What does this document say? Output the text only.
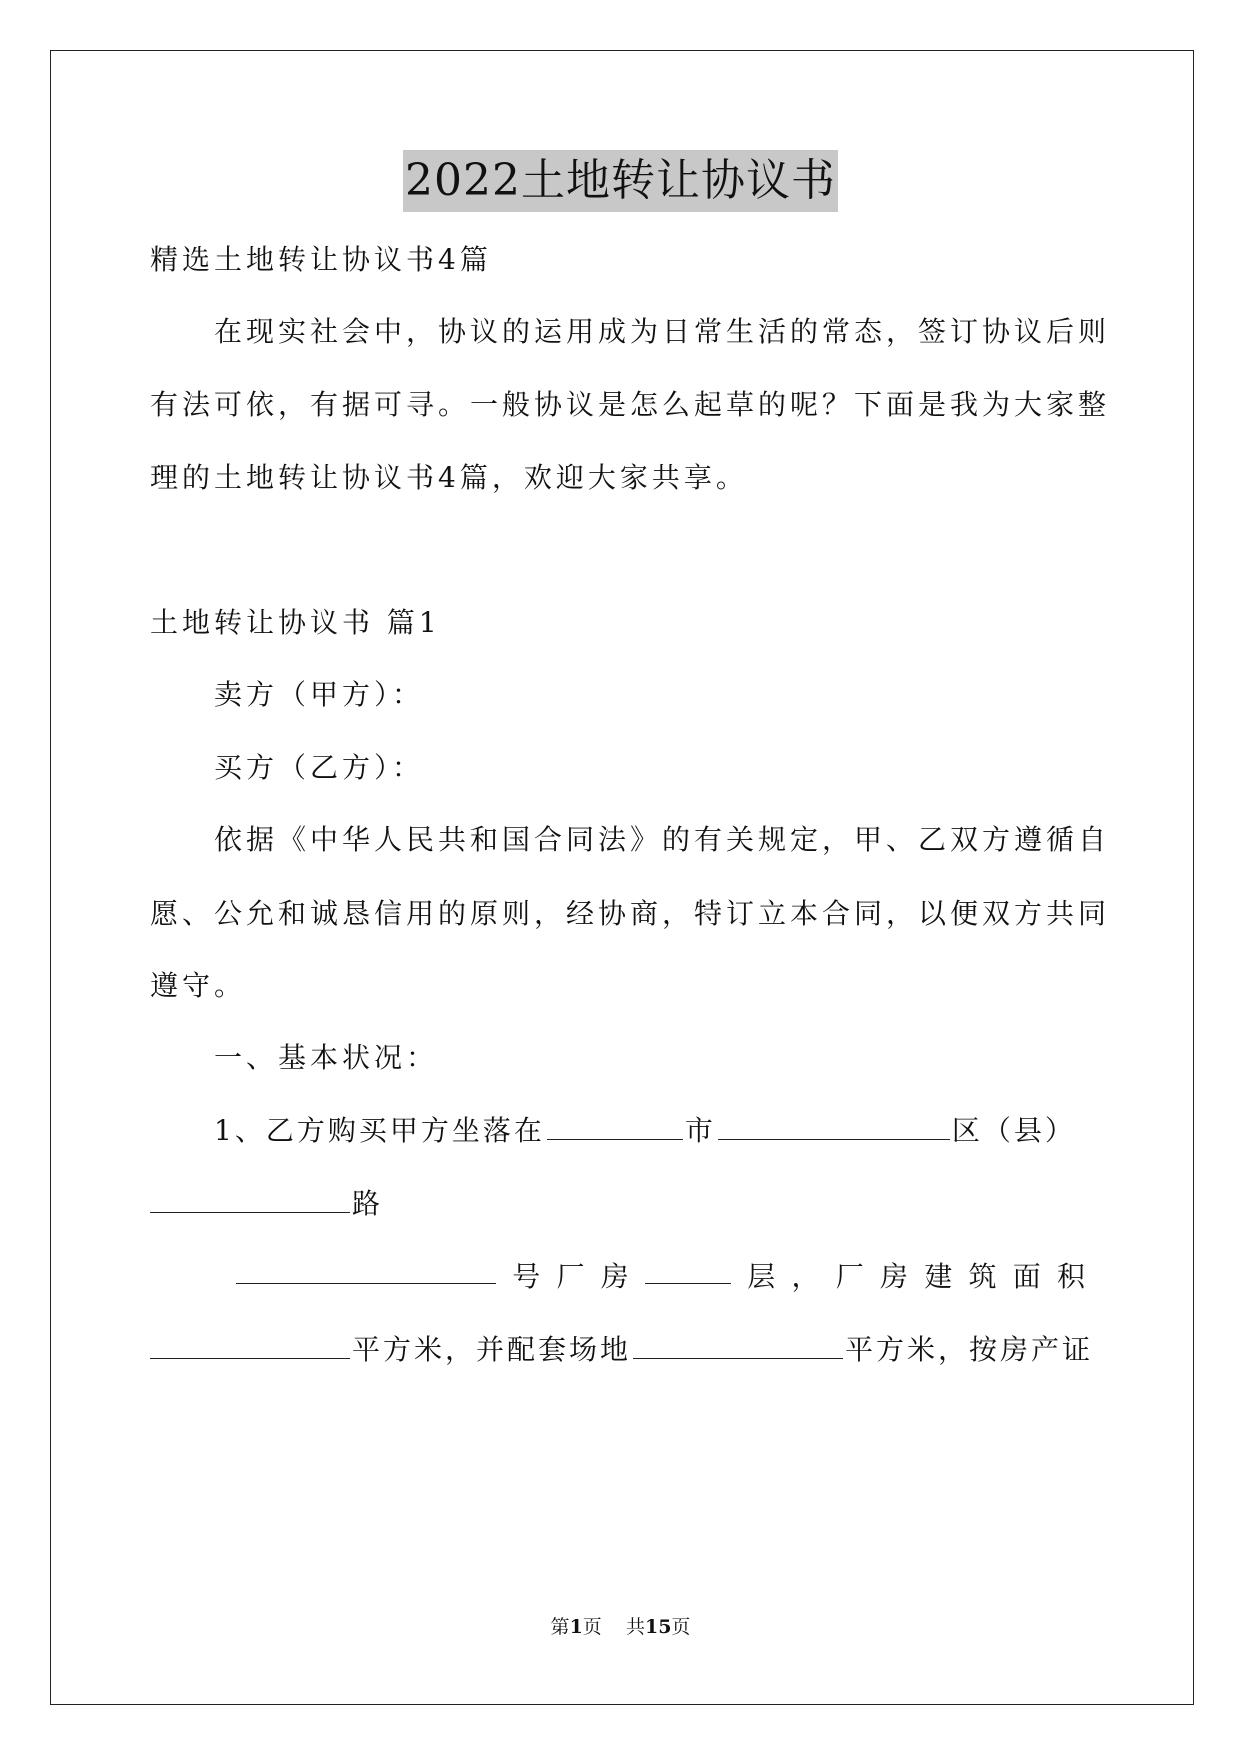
2022土地转让协议书
精选土地转让协议书4篇
在现实社会中，协议的运用成为日常生活的常态，签订协议后则
有法可依，有据可寻。一般协议是怎么起草的呢？下面是我为大家整
理的土地转让协议书4篇，欢迎大家共享。
土地转让协议书 篇1
卖方（甲方）：
买方（乙方）：
依据《中华人民共和国合同法》的有关规定，甲、乙双方遵循自
愿、公允和诚恳信用的原则，经协商，特订立本合同，以便双方共同
遵守。
一、基本状况：
1、乙方购买甲方坐落在	市	区（县）
路
号 厂 房	层 ， 厂 房 建 筑 面 积
平方米，并配套场地	平方米，按房产证
第1页    共15页
